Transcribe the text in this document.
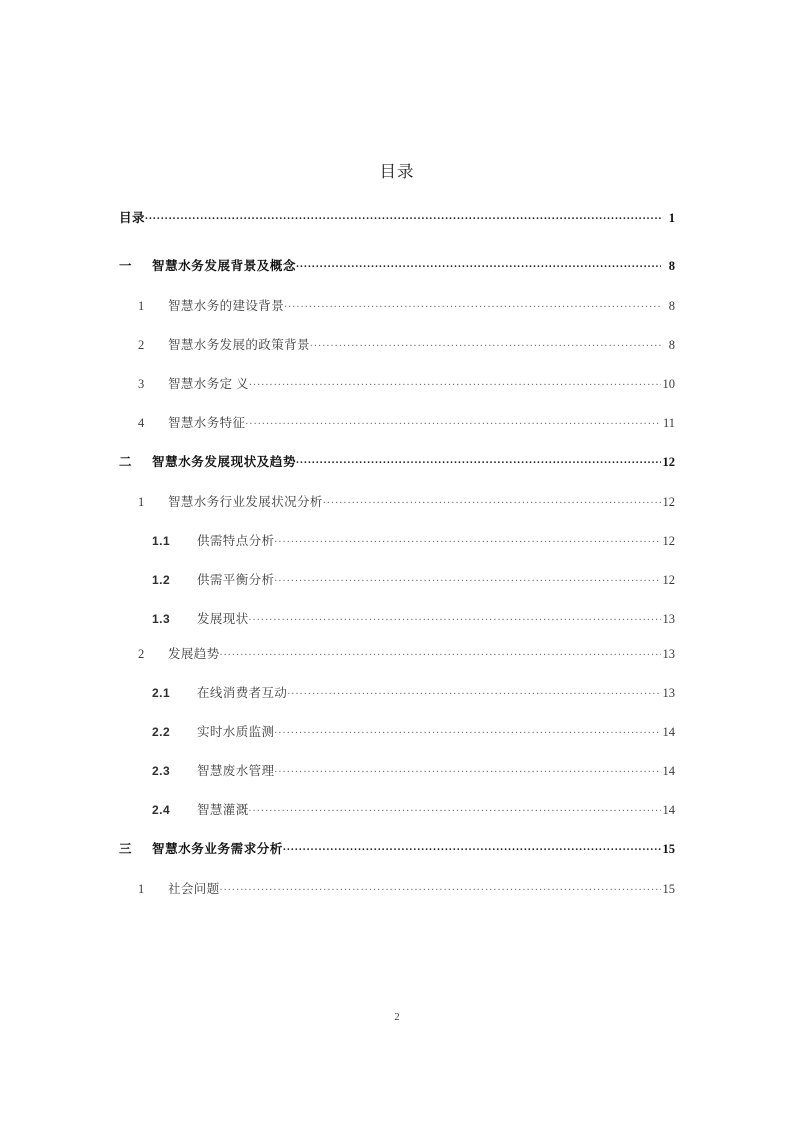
目录
目录 .....	1
一	智慧水务发展背景及概念 .....	8
1	智慧水务的建设背景 .....	8
2	智慧水务发展的政策背景 .....	8
3	智慧水务定 义 .....	10
4	智慧水务特征 .....	11
二	智慧水务发展现状及趋势 .....	12
1	智慧水务行业发展状况分析 .....	12
1.1	供需特点分析 .....	12
1.2	供需平衡分析 .....	12
1.3	发展现状 .....	13
2	发展趋势 .....	13
2.1	在线消费者互动 .....	13
2.2	实时水质监测 .....	14
2.3	智慧废水管理 .....	14
2.4	智慧灌溉 .....	14
三	智慧水务业务需求分析 .....	15
1	社会问题 .....	15
2
